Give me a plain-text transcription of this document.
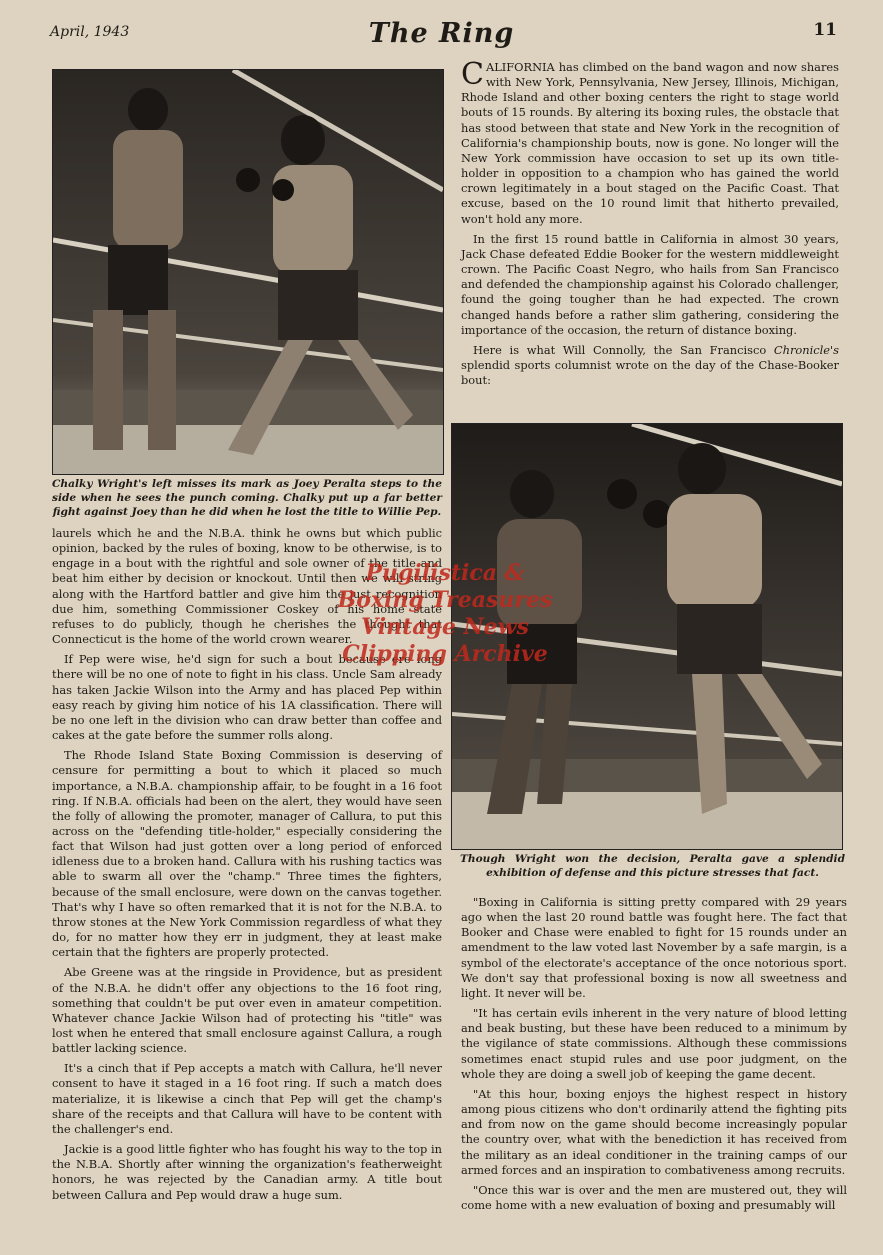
April, 1943	The Ring	11
Chalky Wright's left misses its mark as Joey Peralta steps to the side when he sees the punch coming. Chalky put up a far better fight against Joey than he did when he lost the title to Willie Pep.

CALIFORNIA has climbed on the band wagon and now shares with New York, Pennsylvania, New Jersey, Illinois, Michigan, Rhode Island and other boxing centers the right to stage world bouts of 15 rounds. By altering its boxing rules, the obstacle that has stood between that state and New York in the recognition of California's championship bouts, now is gone. No longer will the New York commission have occasion to set up its own title-holder in opposition to a champion who has gained the world crown legitimately in a bout staged on the Pacific Coast. That excuse, based on the 10 round limit that hitherto prevailed, won't hold any more.

In the first 15 round battle in California in almost 30 years, Jack Chase defeated Eddie Booker for the western middleweight crown. The Pacific Coast Negro, who hails from San Francisco and defended the championship against his Colorado challenger, found the going tougher than he had expected. The crown changed hands before a rather slim gathering, considering the importance of the occasion, the return of distance boxing.

Here is what Will Connolly, the San Francisco Chronicle's splendid sports columnist wrote on the day of the Chase-Booker bout:

Though Wright won the decision, Peralta gave a splendid exhibition of defense and this picture stresses that fact.

laurels which he and the N.B.A. think he owns but which public opinion, backed by the rules of boxing, know to be otherwise, is to engage in a bout with the rightful and sole owner of the title and beat him either by decision or knockout. Until then we will string along with the Hartford battler and give him the just recognition due him, something Commissioner Coskey of his home state refuses to do publicly, though he cherishes the thought that Connecticut is the home of the world crown wearer.

If Pep were wise, he'd sign for such a bout because ere long there will be no one of note to fight in his class. Uncle Sam already has taken Jackie Wilson into the Army and has placed Pep within easy reach by giving him notice of his 1A classification. There will be no one left in the division who can draw better than coffee and cakes at the gate before the summer rolls along.

The Rhode Island State Boxing Commission is deserving of censure for permitting a bout to which it placed so much importance, a N.B.A. championship affair, to be fought in a 16 foot ring. If N.B.A. officials had been on the alert, they would have seen the folly of allowing the promoter, manager of Callura, to put this across on the "defending title-holder," especially considering the fact that Wilson had just gotten over a long period of enforced idleness due to a broken hand. Callura with his rushing tactics was able to swarm all over the "champ." Three times the fighters, because of the small enclosure, were down on the canvas together. That's why I have so often remarked that it is not for the N.B.A. to throw stones at the New York Commission regardless of what they do, for no matter how they err in judgment, they at least make certain that the fighters are properly protected.

Abe Greene was at the ringside in Providence, but as president of the N.B.A. he didn't offer any objections to the 16 foot ring, something that couldn't be put over even in amateur competition. Whatever chance Jackie Wilson had of protecting his "title" was lost when he entered that small enclosure against Callura, a rough battler lacking science.

It's a cinch that if Pep accepts a match with Callura, he'll never consent to have it staged in a 16 foot ring. If such a match does materialize, it is likewise a cinch that Pep will get the champ's share of the receipts and that Callura will have to be content with the challenger's end.

Jackie is a good little fighter who has fought his way to the top in the N.B.A. Shortly after winning the organization's featherweight honors, he was rejected by the Canadian army. A title bout between Callura and Pep would draw a huge sum.

"Boxing in California is sitting pretty compared with 29 years ago when the last 20 round battle was fought here. The fact that Booker and Chase were enabled to fight for 15 rounds under an amendment to the law voted last November by a safe margin, is a symbol of the electorate's acceptance of the once notorious sport. We don't say that professional boxing is now all sweetness and light. It never will be.

"It has certain evils inherent in the very nature of blood letting and beak busting, but these have been reduced to a minimum by the vigilance of state commissions. Although these commissions sometimes enact stupid rules and use poor judgment, on the whole they are doing a swell job of keeping the game decent.

"At this hour, boxing enjoys the highest respect in history among pious citizens who don't ordinarily attend the fighting pits and from now on the game should become increasingly popular the country over, what with the benediction it has received from the military as an ideal conditioner in the training camps of our armed forces and an inspiration to combativeness among recruits.

"Once this war is over and the men are mustered out, they will come home with a new evaluation of boxing and presumably will

Pugilistica &
Boxing Treasures
Vintage News
Clipping Archive
